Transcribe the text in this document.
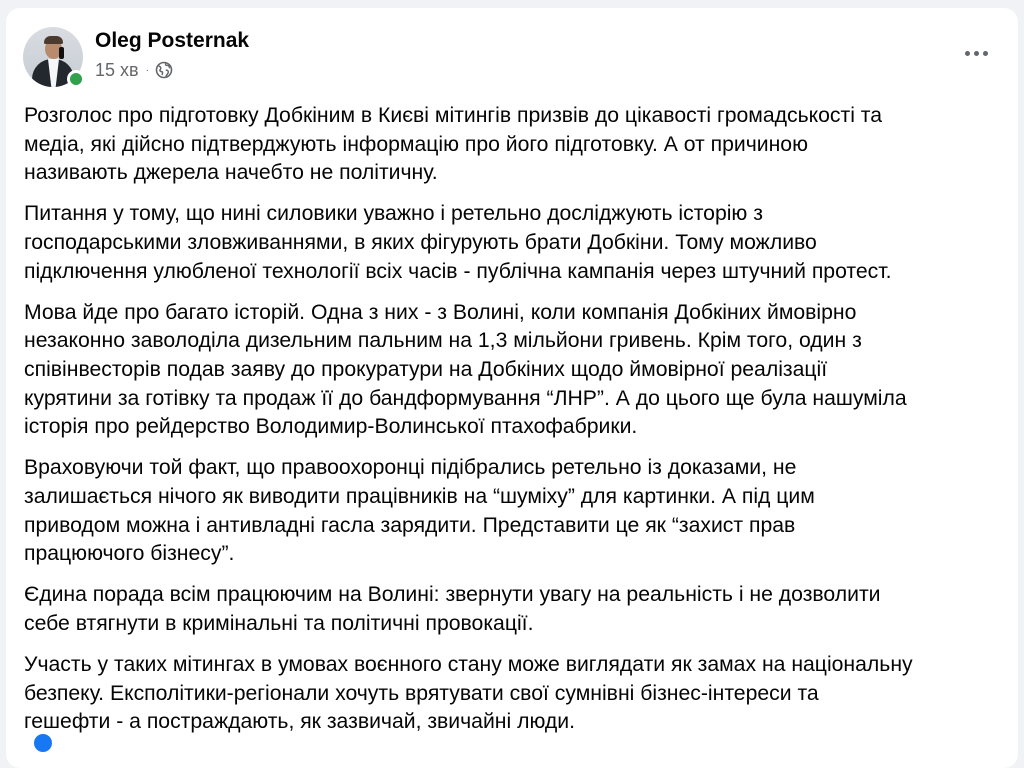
Oleg Posternak
15 хв ·

Розголос про підготовку Добкіним в Києві мітингів призвів до цікавості громадськості та
медіа, які дійсно підтверджують інформацію про його підготовку. А от причиною
називають джерела начебто не політичну.

Питання у тому, що нині силовики уважно і ретельно досліджують історію з
господарськими зловживаннями, в яких фігурують брати Добкіни. Тому можливо
підключення улюбленої технології всіх часів - публічна кампанія через штучний протест.

Мова йде про багато історій. Одна з них - з Волині, коли компанія Добкіних ймовірно
незаконно заволоділа дизельним пальним на 1,3 мільйони гривень. Крім того, один з
співінвесторів подав заяву до прокуратури на Добкіних щодо ймовірної реалізації
курятини за готівку та продаж її до бандформування “ЛНР”. А до цього ще була нашуміла
історія про рейдерство Володимир-Волинської птахофабрики.

Враховуючи той факт, що правоохоронці підібрались ретельно із доказами, не
залишається нічого як виводити працівників на “шуміху” для картинки. А під цим
приводом можна і антивладні гасла зарядити. Представити це як “захист прав
працюючого бізнесу”.

Єдина порада всім працюючим на Волині: звернути увагу на реальність і не дозволити
себе втягнути в кримінальні та політичні провокації.

Участь у таких мітингах в умовах воєнного стану може виглядати як замах на національну
безпеку. Експолітики-регіонали хочуть врятувати свої сумнівні бізнес-інтереси та
гешефти - а постраждають, як зазвичай, звичайні люди.
